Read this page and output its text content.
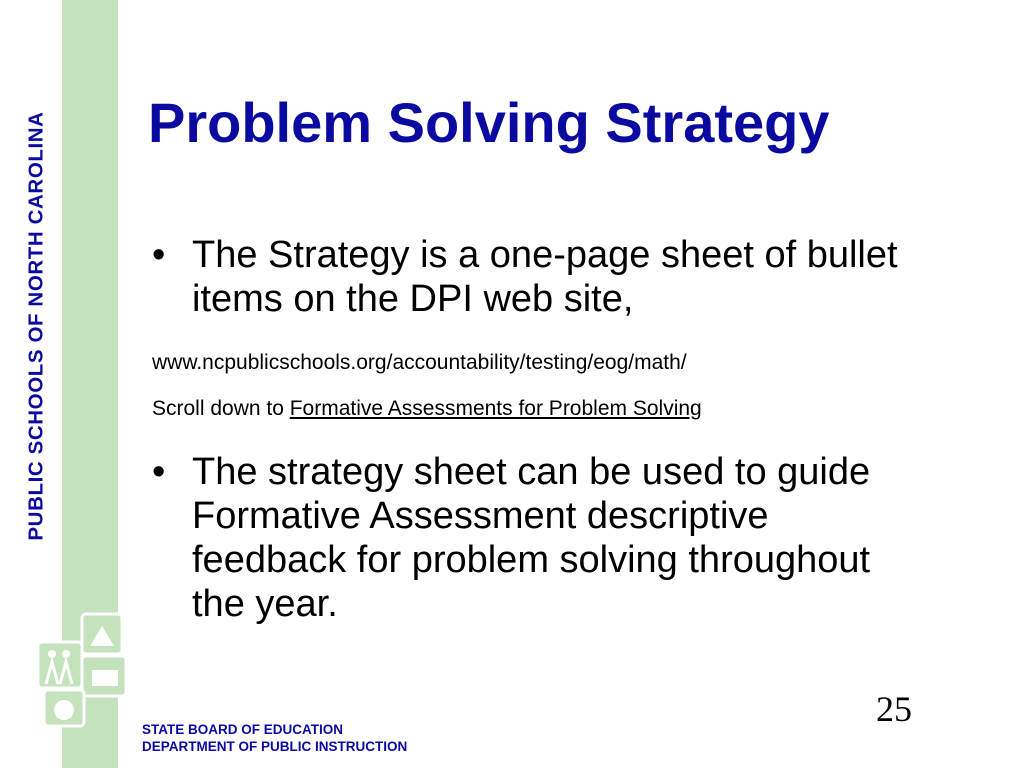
PUBLIC SCHOOLS OF NORTH CAROLINA Problem Solving Strategy
• The Strategy is a one-page sheet of bullet items on the DPI web site,
www.ncpublicschools.org/accountability/testing/eog/math/
Scroll down to Formative Assessments for Problem Solving
• The strategy sheet can be used to guide Formative Assessment descriptive feedback for problem solving throughout the year.
25
STATE BOARD OF EDUCATION
DEPARTMENT OF PUBLIC INSTRUCTION
